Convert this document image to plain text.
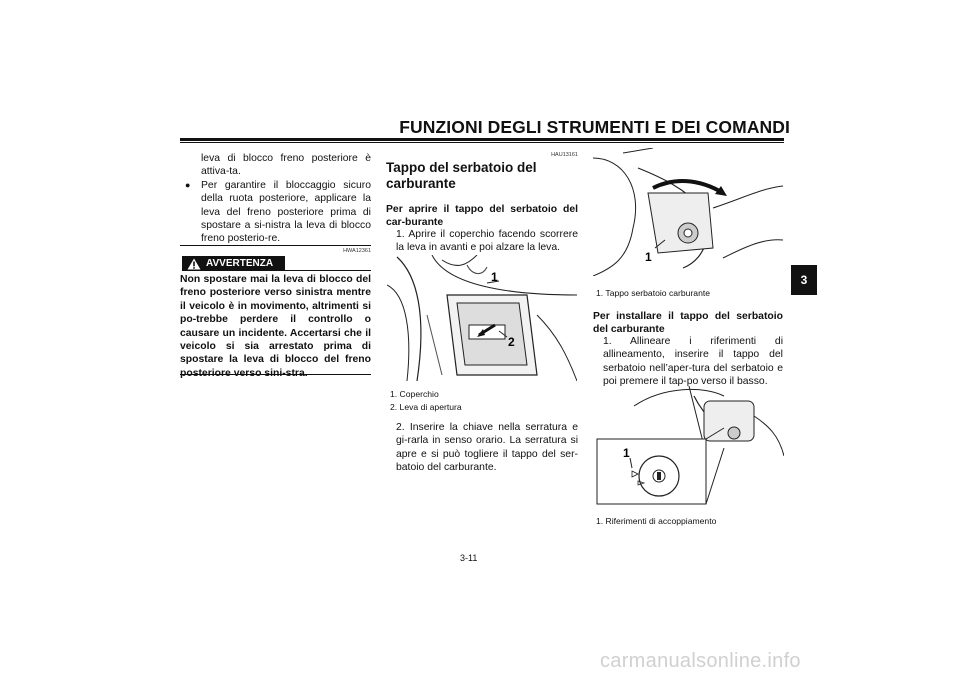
FUNZIONI DEGLI STRUMENTI E DEI COMANDI
3
leva di blocco freno posteriore è attiva-ta.
● Per garantire il bloccaggio sicuro della ruota posteriore, applicare la leva del freno posteriore prima di spostare a si-nistra la leva di blocco freno posterio-re.
HWA12361
AVVERTENZA
Non spostare mai la leva di blocco del freno posteriore verso sinistra mentre il veicolo è in movimento, altrimenti si po-trebbe perdere il controllo o causare un incidente. Accertarsi che il veicolo si sia arrestato prima di spostare la leva di blocco del freno
HAU13161
Tappo del serbatoio del carburante
Per aprire il tappo del serbatoio del car-burante
1. Aprire il coperchio facendo scorrere la leva in avanti e poi alzare la leva.
1
2
1. Coperchio
2. Leva di apertura
2. Inserire la chiave nella serratura e gi-rarla in senso orario. La serratura si apre e si può togliere il tappo del ser-batoio del carburante.
1
1. Tappo serbatoio carburante
Per installare il tappo del serbatoio del carburante
1. Allineare i riferimenti di allineamento, inserire il tappo del serbatoio nell’aper-tura del serbatoio e poi premere il tap-po verso il basso.
1
1. Riferimenti di accoppiamento
3-11
carmanualsonline.info
